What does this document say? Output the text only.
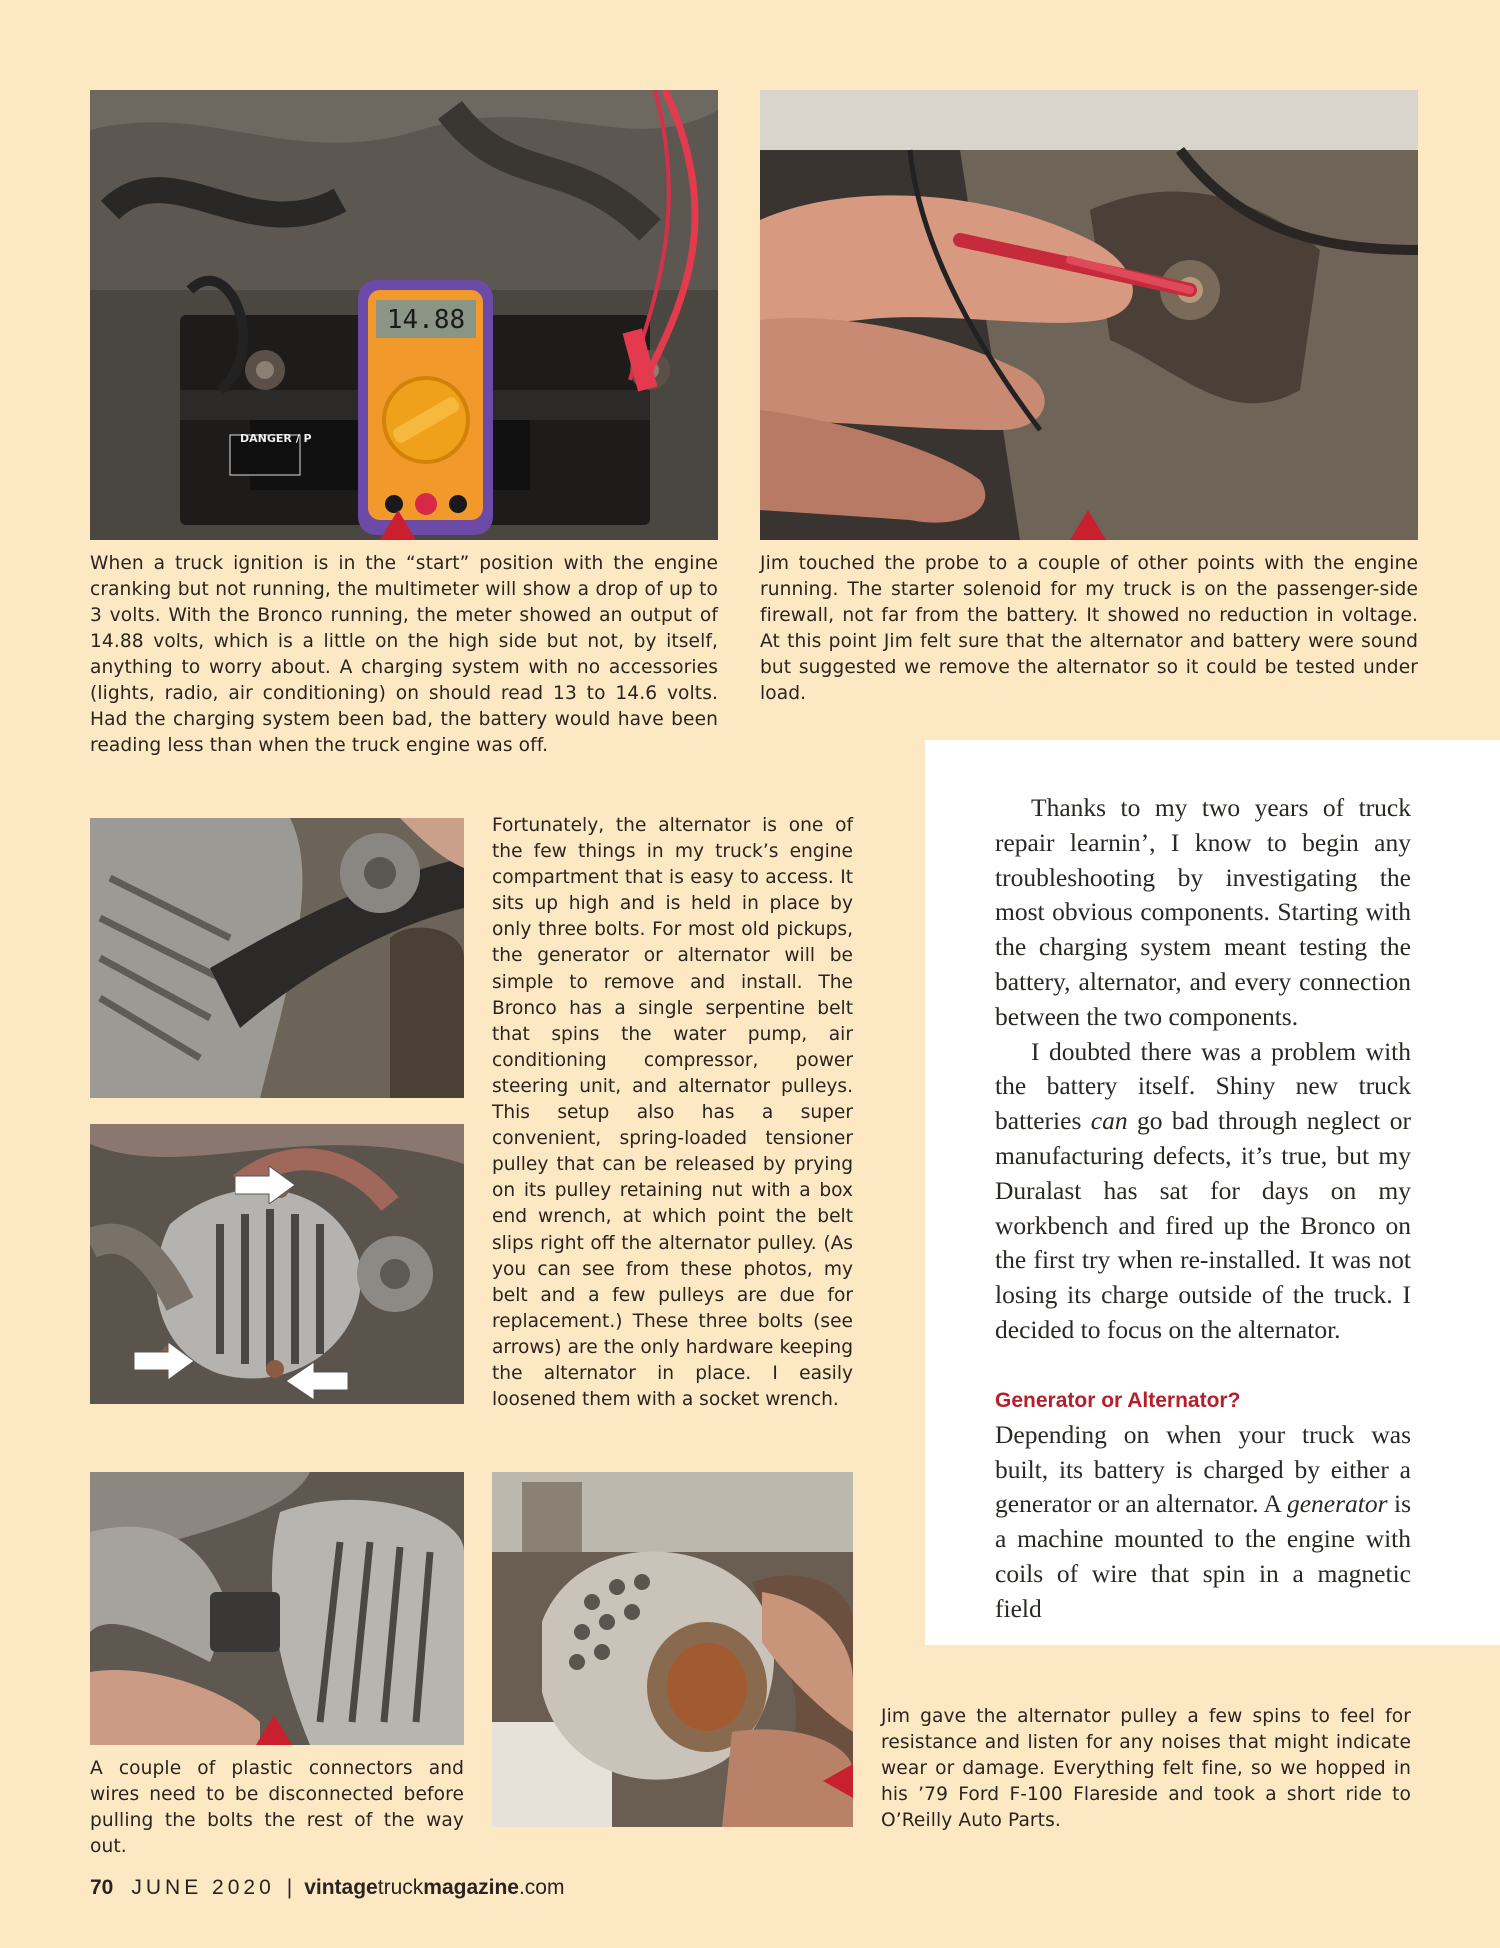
DANGER / P
14.88
When a truck ignition is in the “start” position with the engine cranking but not running, the multimeter will show a drop of up to 3 volts. With the Bronco running, the meter showed an output of 14.88 volts, which is a little on the high side but not, by itself, anything to worry about. A charging system with no accessories (lights, radio, air conditioning) on should read 13 to 14.6 volts. Had the charging system been bad, the battery would have been reading less than when the truck engine was off.
Jim touched the probe to a couple of other points with the engine running. The starter solenoid for my truck is on the passenger-side firewall, not far from the battery. It showed no reduction in voltage. At this point Jim felt sure that the alternator and battery were sound but suggested we remove the alternator so it could be tested under load.
Fortunately, the alternator is one of the few things in my truck’s engine compartment that is easy to access. It sits up high and is held in place by only three bolts. For most old pickups, the generator or alternator will be simple to remove and install. The Bronco has a single serpentine belt that spins the water pump, air conditioning compressor, power steering unit, and alternator pulleys. This setup also has a super convenient, spring-loaded tensioner pulley that can be released by prying on its pulley retaining nut with a box end wrench, at which point the belt slips right off the alternator pulley. (As you can see from these photos, my belt and a few pulleys are due for replacement.) These three bolts (see arrows) are the only hardware keeping the alternator in place. I easily loosened them with a socket wrench.
A couple of plastic connectors and wires need to be disconnected before pulling the bolts the rest of the way out.
Jim gave the alternator pulley a few spins to feel for resistance and listen for any noises that might indicate wear or damage. Everything felt fine, so we hopped in his ’79 Ford F-100 Flareside and took a short ride to O’Reilly Auto Parts.

Thanks to my two years of truck repair learnin’, I know to begin any troubleshooting by investigating the most obvious components. Starting with the charging system meant testing the battery, alternator, and every connection between the two components.

I doubted there was a problem with the battery itself. Shiny new truck batteries can go bad through neglect or manufacturing defects, it’s true, but my Duralast has sat for days on my workbench and fired up the Bronco on the first try when re-installed. It was not losing its charge outside of the truck. I decided to focus on the alternator.

Generator or Alternator?

Depending on when your truck was built, its battery is charged by either a generator or an alternator. A generator is a machine mounted to the engine with coils of wire that spin in a magnetic field

70 JUNE 2020 | vintagetruckmagazine.com
